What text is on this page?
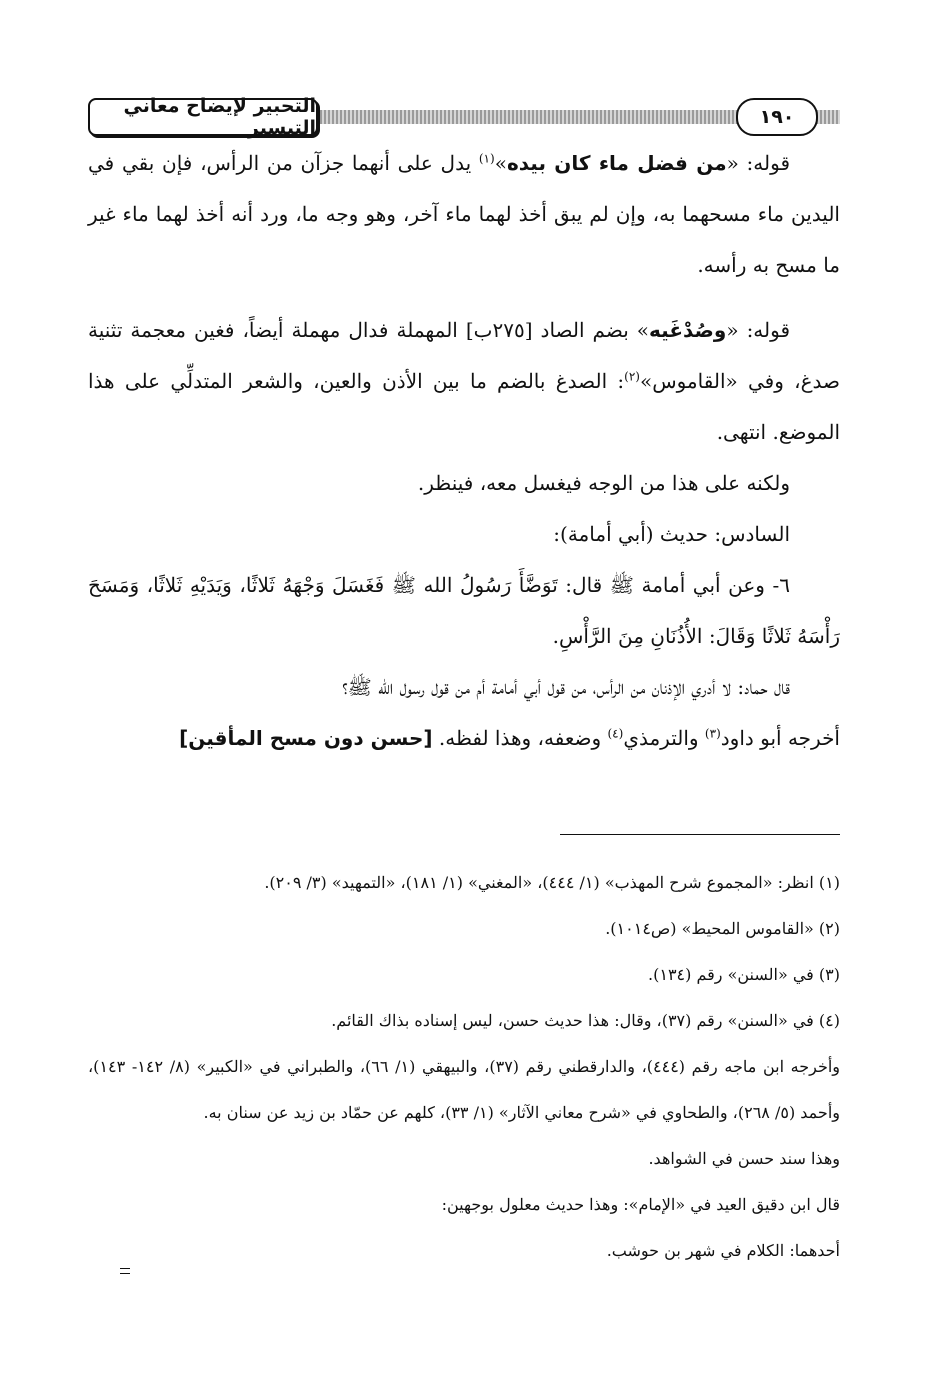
التحبير لإيضاح معاني التيسير	١٩٠

قوله: «من فضل ماء كان بيده»$^{(١)}$ يدل على أنهما جزآن من الرأس، فإن بقي في اليدين ماء مسحهما به، وإن لم يبق أخذ لهما ماء آخر، وهو وجه ما، ورد أنه أخذ لهما ماء غير ما مسح به رأسه.

قوله: «وصُدْغَيه» بضم الصاد [٢٧٥ب] المهملة فدال مهملة أيضاً، فغين معجمة تثنية صدغ، وفي «القاموس»$^{(٢)}$: الصدغ بالضم ما بين الأذن والعين، والشعر المتدلِّي على هذا الموضع. انتهى.

ولكنه على هذا من الوجه فيغسل معه، فينظر.

السادس: حديث (أبي أمامة):

٦- وعن أبي أمامة ﷺ قال: تَوَضَّأَ رَسُولُ الله ﷺ فَغَسَلَ وَجْهَهُ ثَلاثًا، وَيَدَيْهِ ثَلاثًا، وَمَسَحَ رَأْسَهُ ثَلاثًا وَقَالَ: الأُذُنَانِ مِنَ الرَّأْسِ.

قال حماد: لا أدري الإذنان من الرأس، من قول أبي أمامة أم من قول رسول الله ﷺ؟

أخرجه أبو داود$^{(٣)}$ والترمذي$^{(٤)}$ وضعفه، وهذا لفظه. [حسن دون مسح المأقين]

(١) انظر: «المجموع شرح المهذب» (١/ ٤٤٤)، «المغني» (١/ ١٨١)، «التمهيد» (٣/ ٢٠٩).

(٢) «القاموس المحيط» (ص١٠١٤).

(٣) في «السنن» رقم (١٣٤).

(٤) في «السنن» رقم (٣٧)، وقال: هذا حديث حسن، ليس إسناده بذاك القائم.

وأخرجه ابن ماجه رقم (٤٤٤)، والدارقطني رقم (٣٧)، والبيهقي (١/ ٦٦)، والطبراني في «الكبير» (٨/ ١٤٢- ١٤٣)، وأحمد (٥/ ٢٦٨)، والطحاوي في «شرح معاني الآثار» (١/ ٣٣)، كلهم عن حمّاد بن زيد عن سنان به.

وهذا سند حسن في الشواهد.

قال ابن دقيق العيد في «الإمام»: وهذا حديث معلول بوجهين:

أحدهما: الكلام في شهر بن حوشب.
